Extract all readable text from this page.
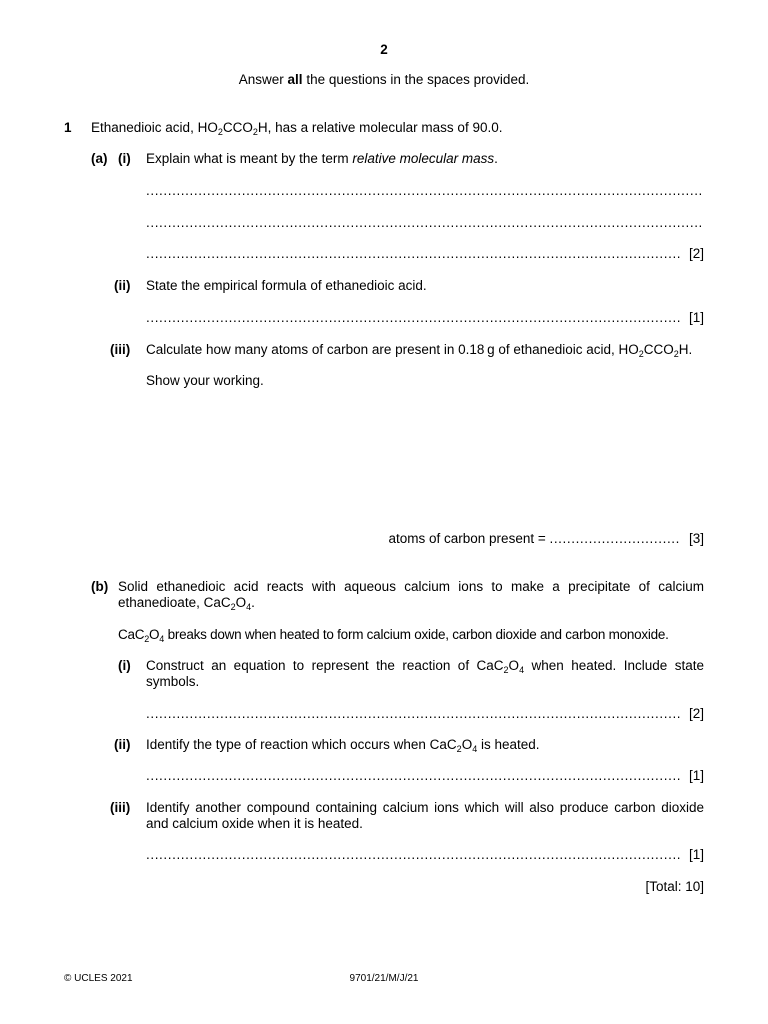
2
Answer all the questions in the spaces provided.
1 Ethanedioic acid, $HO_2CCO_2H$, has a relative molecular mass of 90.0.
(a) (i) Explain what is meant by the term relative molecular mass.
.....
.....
.....
[2]
(ii) State the empirical formula of ethanedioic acid.
.....
[1]
(iii) Calculate how many atoms of carbon are present in 0.18 g of ethanedioic acid, $HO_2CCO_2H$.
Show your working.
atoms of carbon present = .............................. [3]
(b) Solid ethanedioic acid reacts with aqueous calcium ions to make a precipitate of calcium ethanedioate, $CaC_2O_4$.
$CaC_2O_4$ breaks down when heated to form calcium oxide, carbon dioxide and carbon monoxide.
(i) Construct an equation to represent the reaction of $CaC_2O_4$ when heated. Include state symbols.
.....
[2]
(ii) Identify the type of reaction which occurs when $CaC_2O_4$ is heated.
.....
[1]
(iii) Identify another compound containing calcium ions which will also produce carbon dioxide and calcium oxide when it is heated.
.....
[1]
[Total: 10]
© UCLES 2021	9701/21/M/J/21
